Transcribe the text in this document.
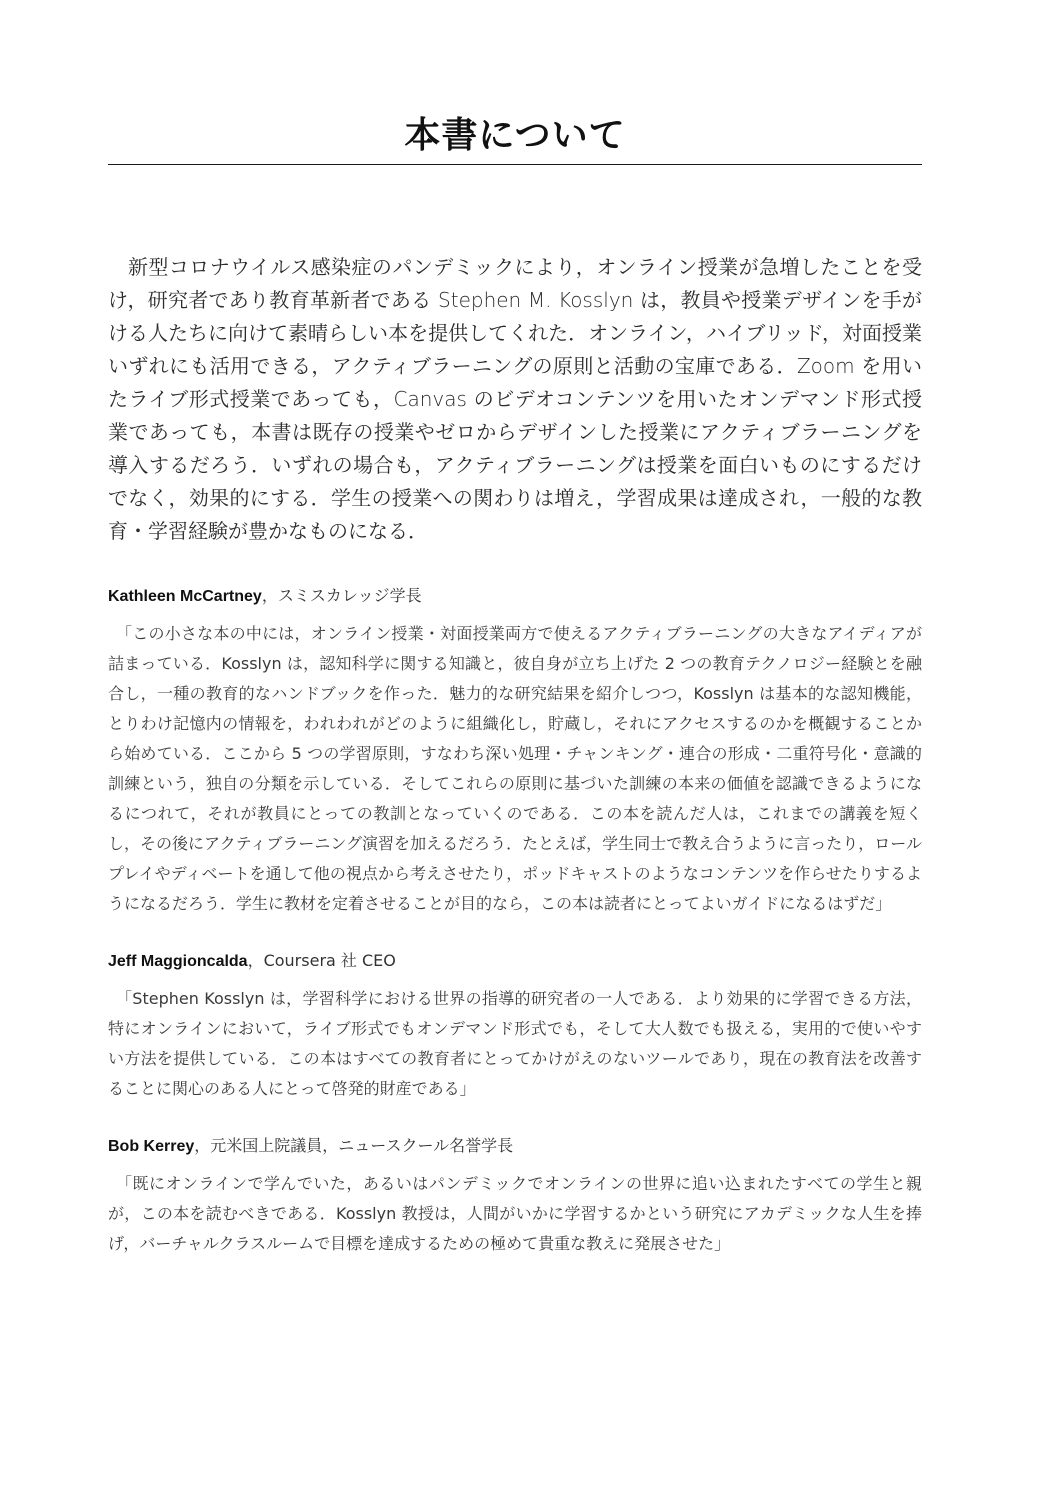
本書について

新型コロナウイルス感染症のパンデミックにより，オンライン授業が急増したことを受け，研究者であり教育革新者である Stephen M. Kosslyn は，教員や授業デザインを手がける人たちに向けて素晴らしい本を提供してくれた．オンライン，ハイブリッド，対面授業いずれにも活用できる，アクティブラーニングの原則と活動の宝庫である．Zoom を用いたライブ形式授業であっても，Canvas のビデオコンテンツを用いたオンデマンド形式授業であっても，本書は既存の授業やゼロからデザインした授業にアクティブラーニングを導入するだろう．いずれの場合も，アクティブラーニングは授業を面白いものにするだけでなく，効果的にする．学生の授業への関わりは増え，学習成果は達成され，一般的な教育・学習経験が豊かなものになる．

Kathleen McCartney，スミスカレッジ学長

「この小さな本の中には，オンライン授業・対面授業両方で使えるアクティブラーニングの大きなアイディアが詰まっている．Kosslyn は，認知科学に関する知識と，彼自身が立ち上げた 2 つの教育テクノロジー経験とを融合し，一種の教育的なハンドブックを作った．魅力的な研究結果を紹介しつつ，Kosslyn は基本的な認知機能，とりわけ記憶内の情報を，われわれがどのように組織化し，貯蔵し，それにアクセスするのかを概観することから始めている．ここから 5 つの学習原則，すなわち深い処理・チャンキング・連合の形成・二重符号化・意識的訓練という，独自の分類を示している．そしてこれらの原則に基づいた訓練の本来の価値を認識できるようになるにつれて，それが教員にとっての教訓となっていくのである．この本を読んだ人は，これまでの講義を短くし，その後にアクティブラーニング演習を加えるだろう．たとえば，学生同士で教え合うように言ったり，ロールプレイやディベートを通して他の視点から考えさせたり，ポッドキャストのようなコンテンツを作らせたりするようになるだろう．学生に教材を定着させることが目的なら，この本は読者にとってよいガイドになるはずだ」

Jeff Maggioncalda，Coursera 社 CEO

「Stephen Kosslyn は，学習科学における世界の指導的研究者の一人である．より効果的に学習できる方法，特にオンラインにおいて，ライブ形式でもオンデマンド形式でも，そして大人数でも扱える，実用的で使いやすい方法を提供している．この本はすべての教育者にとってかけがえのないツールであり，現在の教育法を改善することに関心のある人にとって啓発的財産である」

Bob Kerrey，元米国上院議員，ニュースクール名誉学長

「既にオンラインで学んでいた，あるいはパンデミックでオンラインの世界に追い込まれたすべての学生と親が，この本を読むべきである．Kosslyn 教授は，人間がいかに学習するかという研究にアカデミックな人生を捧げ，バーチャルクラスルームで目標を達成するための極めて貴重な教えに発展させた」
